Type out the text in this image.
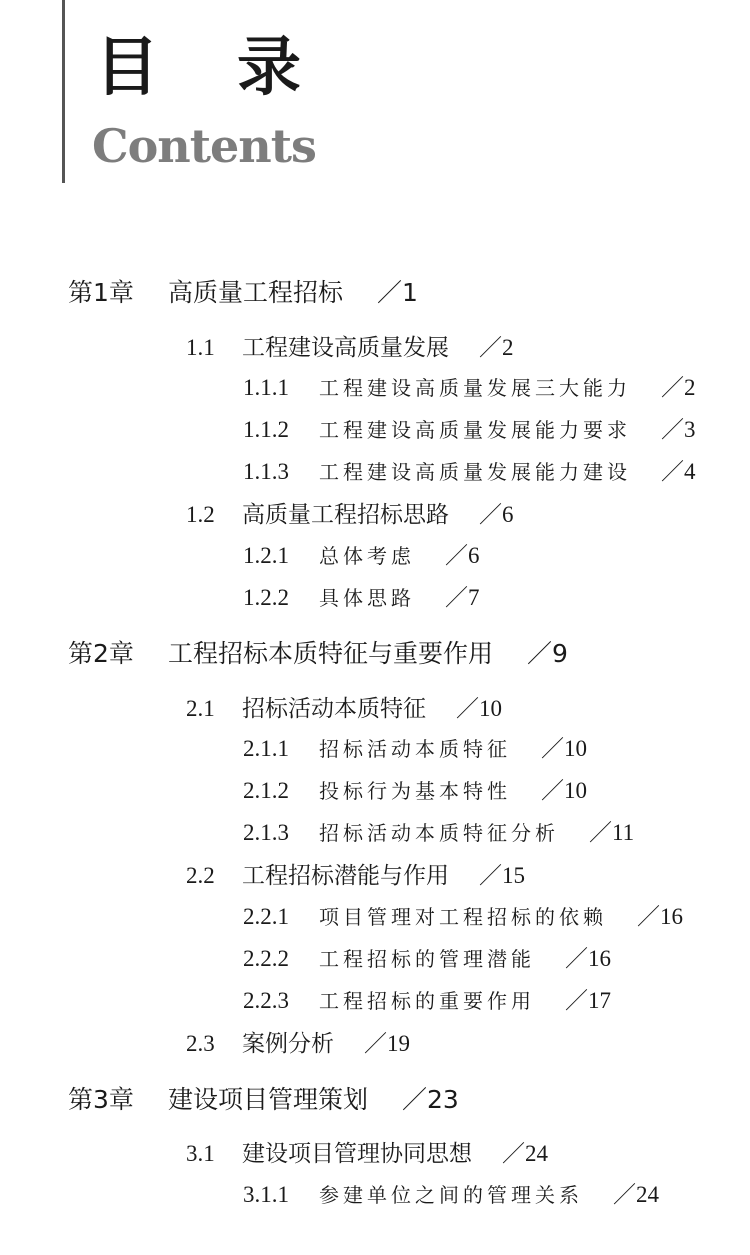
目录
Contents
第1章 高质量工程招标 ／1
1.1 工程建设高质量发展 ／2
1.1.1 工程建设高质量发展三大能力 ／2
1.1.2 工程建设高质量发展能力要求 ／3
1.1.3 工程建设高质量发展能力建设 ／4
1.2 高质量工程招标思路 ／6
1.2.1 总体考虑 ／6
1.2.2 具体思路 ／7
第2章 工程招标本质特征与重要作用 ／9
2.1 招标活动本质特征 ／10
2.1.1 招标活动本质特征 ／10
2.1.2 投标行为基本特性 ／10
2.1.3 招标活动本质特征分析 ／11
2.2 工程招标潜能与作用 ／15
2.2.1 项目管理对工程招标的依赖 ／16
2.2.2 工程招标的管理潜能 ／16
2.2.3 工程招标的重要作用 ／17
2.3 案例分析 ／19
第3章 建设项目管理策划 ／23
3.1 建设项目管理协同思想 ／24
3.1.1 参建单位之间的管理关系 ／24
